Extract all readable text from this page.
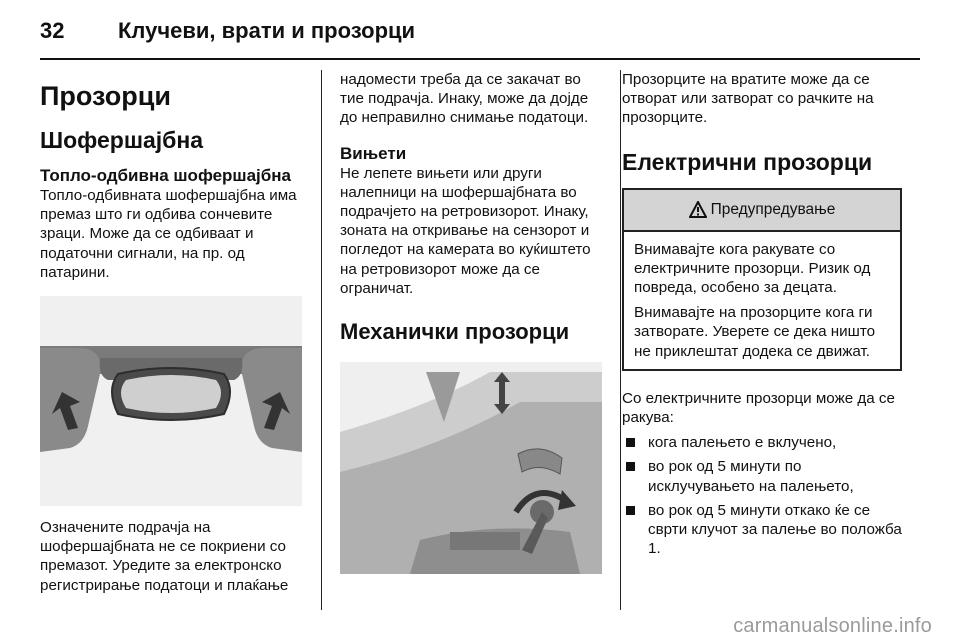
32 Клучеви, врати и прозорци
Прозорци
Шофершајбна
Топло-одбивна шофершајбна

Топло-одбивната шофершајбна има премаз што ги одбива сончевите зраци. Може да се одбиваат и податочни сигнали, на пр. од патарини.

Означените подрачја на шофершајбната не се покриени со премазот. Уредите за електронско регистрирање податоци и плаќање

надомести треба да се закачат во тие подрачја. Инаку, може да дојде до неправилно снимање податоци.

Вињети

Не лепете вињети или други налепници на шофершајбната во подрачјето на ретровизорот. Инаку, зоната на откривање на сензорот и погледот на камерата во куќиштето на ретровизорот може да се ограничат.

Механички прозорци

Прозорците на вратите може да се отворат или затворат со рачките на прозорците.

Електрични прозорци
Предупредување

Внимавајте кога ракувате со електричните прозорци. Ризик од повреда, особено за децата.

Внимавајте на прозорците кога ги затворате. Уверете се дека ништо не приклештат додека се движат.

Со електричните прозорци може да се ракува:

кога палењето е вклучено,
во рок од 5 минути по исклучувањето на палењето,
во рок од 5 минути откако ќе се сврти клучот за палење во положба 1.
carmanualsonline.info
